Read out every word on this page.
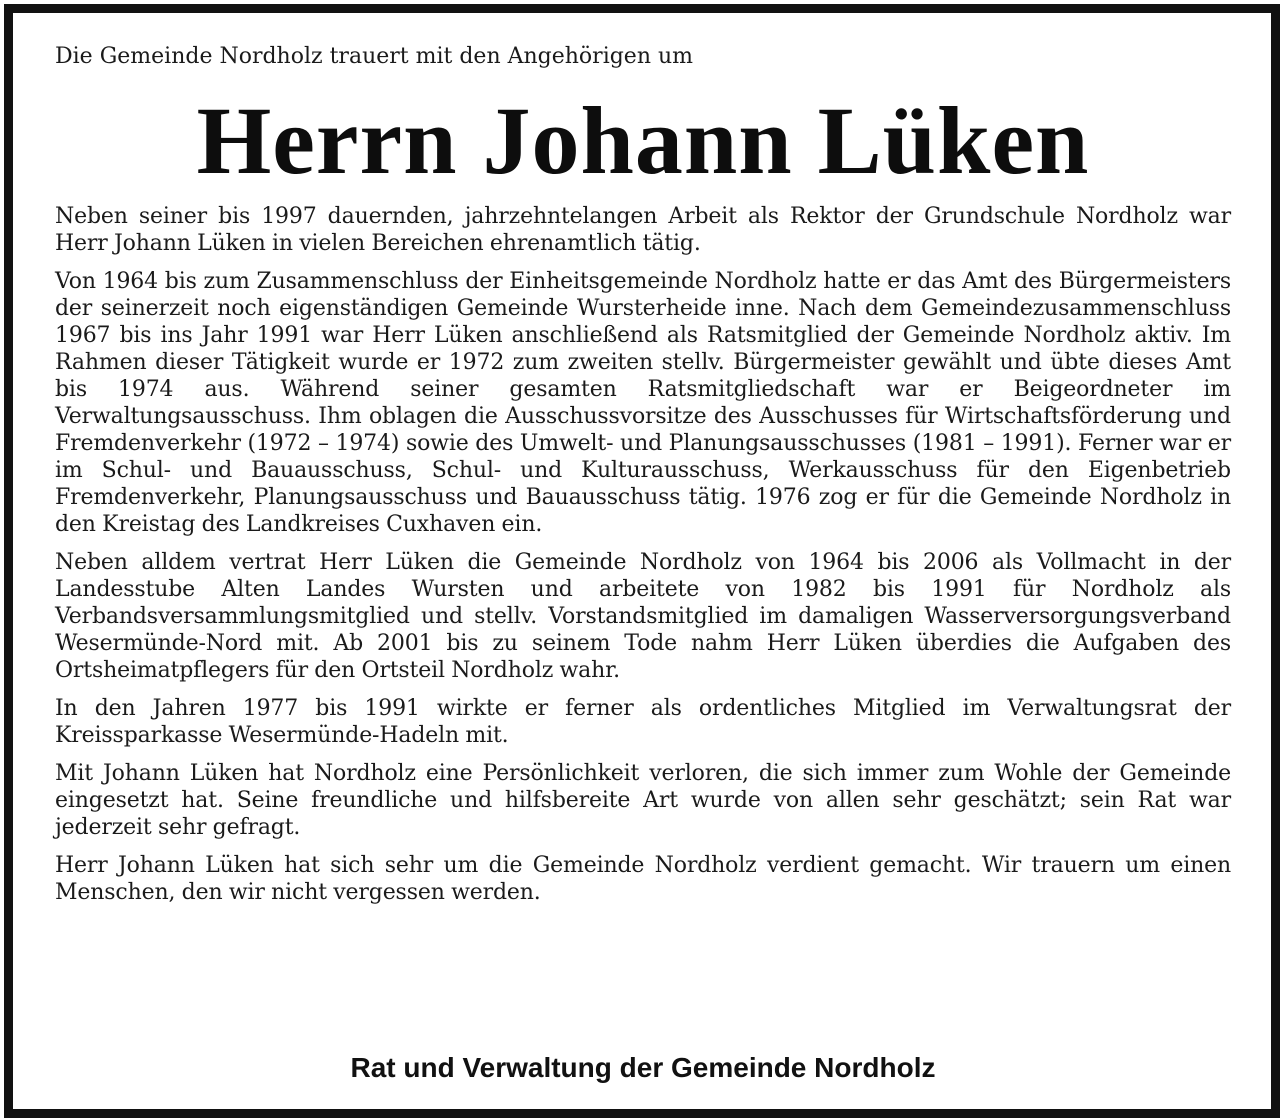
Die Gemeinde Nordholz trauert mit den Angehörigen um
Herrn Johann Lüken

Neben seiner bis 1997 dauernden, jahrzehntelangen Arbeit als Rektor der Grundschule Nordholz war Herr Johann Lüken in vielen Bereichen ehrenamtlich tätig.

Von 1964 bis zum Zusammenschluss der Einheitsgemeinde Nordholz hatte er das Amt des Bürgermeisters der seinerzeit noch eigenständigen Gemeinde Wursterheide inne. Nach dem Gemeindezusammenschluss 1967 bis ins Jahr 1991 war Herr Lüken anschließend als Ratsmitglied der Gemeinde Nordholz aktiv. Im Rahmen dieser Tätigkeit wurde er 1972 zum zweiten stellv. Bürgermeister gewählt und übte dieses Amt bis 1974 aus. Während seiner gesamten Ratsmitgliedschaft war er Beigeordneter im Verwaltungsausschuss. Ihm oblagen die Ausschussvorsitze des Ausschusses für Wirtschaftsförderung und Fremdenverkehr (1972 – 1974) sowie des Umwelt- und Planungsausschusses (1981 – 1991). Ferner war er im Schul- und Bauausschuss, Schul- und Kulturausschuss, Werkausschuss für den Eigenbetrieb Fremdenverkehr, Planungsausschuss und Bauausschuss tätig. 1976 zog er für die Gemeinde Nordholz in den Kreistag des Landkreises Cuxhaven ein.

Neben alldem vertrat Herr Lüken die Gemeinde Nordholz von 1964 bis 2006 als Vollmacht in der Landesstube Alten Landes Wursten und arbeitete von 1982 bis 1991 für Nordholz als Verbandsversammlungsmitglied und stellv. Vorstandsmitglied im damaligen Wasserversorgungsverband Wesermünde-Nord mit. Ab 2001 bis zu seinem Tode nahm Herr Lüken überdies die Aufgaben des Ortsheimatpflegers für den Ortsteil Nordholz wahr.

In den Jahren 1977 bis 1991 wirkte er ferner als ordentliches Mitglied im Verwaltungsrat der Kreissparkasse Wesermünde-Hadeln mit.

Mit Johann Lüken hat Nordholz eine Persönlichkeit verloren, die sich immer zum Wohle der Gemeinde eingesetzt hat. Seine freundliche und hilfsbereite Art wurde von allen sehr geschätzt; sein Rat war jederzeit sehr gefragt.

Herr Johann Lüken hat sich sehr um die Gemeinde Nordholz verdient gemacht. Wir trauern um einen Menschen, den wir nicht vergessen werden.

Rat und Verwaltung der Gemeinde Nordholz
